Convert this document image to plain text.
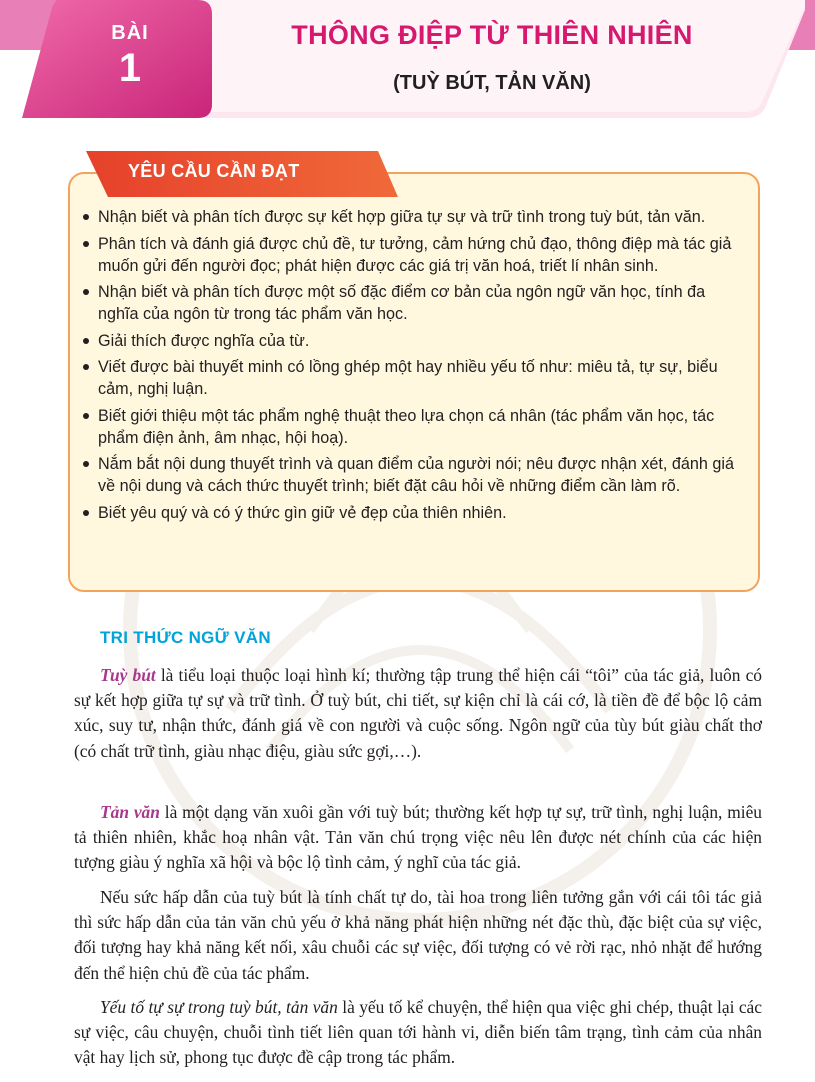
BÀI
1
THÔNG ĐIỆP TỪ THIÊN NHIÊN
(TUỲ BÚT, TẢN VĂN)
YÊU CẦU CẦN ĐẠT
Nhận biết và phân tích được sự kết hợp giữa tự sự và trữ tình trong tuỳ bút, tản văn.
Phân tích và đánh giá được chủ đề, tư tưởng, cảm hứng chủ đạo, thông điệp mà tác giả muốn gửi đến người đọc; phát hiện được các giá trị văn hoá, triết lí nhân sinh.
Nhận biết và phân tích được một số đặc điểm cơ bản của ngôn ngữ văn học, tính đa nghĩa của ngôn từ trong tác phẩm văn học.
Giải thích được nghĩa của từ.
Viết được bài thuyết minh có lồng ghép một hay nhiều yếu tố như: miêu tả, tự sự, biểu cảm, nghị luận.
Biết giới thiệu một tác phẩm nghệ thuật theo lựa chọn cá nhân (tác phẩm văn học, tác phẩm điện ảnh, âm nhạc, hội hoạ).
Nắm bắt nội dung thuyết trình và quan điểm của người nói; nêu được nhận xét, đánh giá về nội dung và cách thức thuyết trình; biết đặt câu hỏi về những điểm cần làm rõ.
Biết yêu quý và có ý thức gìn giữ vẻ đẹp của thiên nhiên.
TRI THỨC NGỮ VĂN

Tuỳ bút là tiểu loại thuộc loại hình kí; thường tập trung thể hiện cái “tôi” của tác giả, luôn có sự kết hợp giữa tự sự và trữ tình. Ở tuỳ bút, chi tiết, sự kiện chỉ là cái cớ, là tiền đề để bộc lộ cảm xúc, suy tư, nhận thức, đánh giá về con người và cuộc sống. Ngôn ngữ của tùy bút giàu chất thơ (có chất trữ tình, giàu nhạc điệu, giàu sức gợi,…).

Tản văn là một dạng văn xuôi gần với tuỳ bút; thường kết hợp tự sự, trữ tình, nghị luận, miêu tả thiên nhiên, khắc hoạ nhân vật. Tản văn chú trọng việc nêu lên được nét chính của các hiện tượng giàu ý nghĩa xã hội và bộc lộ tình cảm, ý nghĩ của tác giả.

Nếu sức hấp dẫn của tuỳ bút là tính chất tự do, tài hoa trong liên tưởng gắn với cái tôi tác giả thì sức hấp dẫn của tản văn chủ yếu ở khả năng phát hiện những nét đặc thù, đặc biệt của sự việc, đối tượng hay khả năng kết nối, xâu chuỗi các sự việc, đối tượng có vẻ rời rạc, nhỏ nhặt để hướng đến thể hiện chủ đề của tác phẩm.

Yếu tố tự sự trong tuỳ bút, tản văn là yếu tố kể chuyện, thể hiện qua việc ghi chép, thuật lại các sự việc, câu chuyện, chuỗi tình tiết liên quan tới hành vi, diễn biến tâm trạng, tình cảm của nhân vật hay lịch sử, phong tục được đề cập trong tác phẩm.
